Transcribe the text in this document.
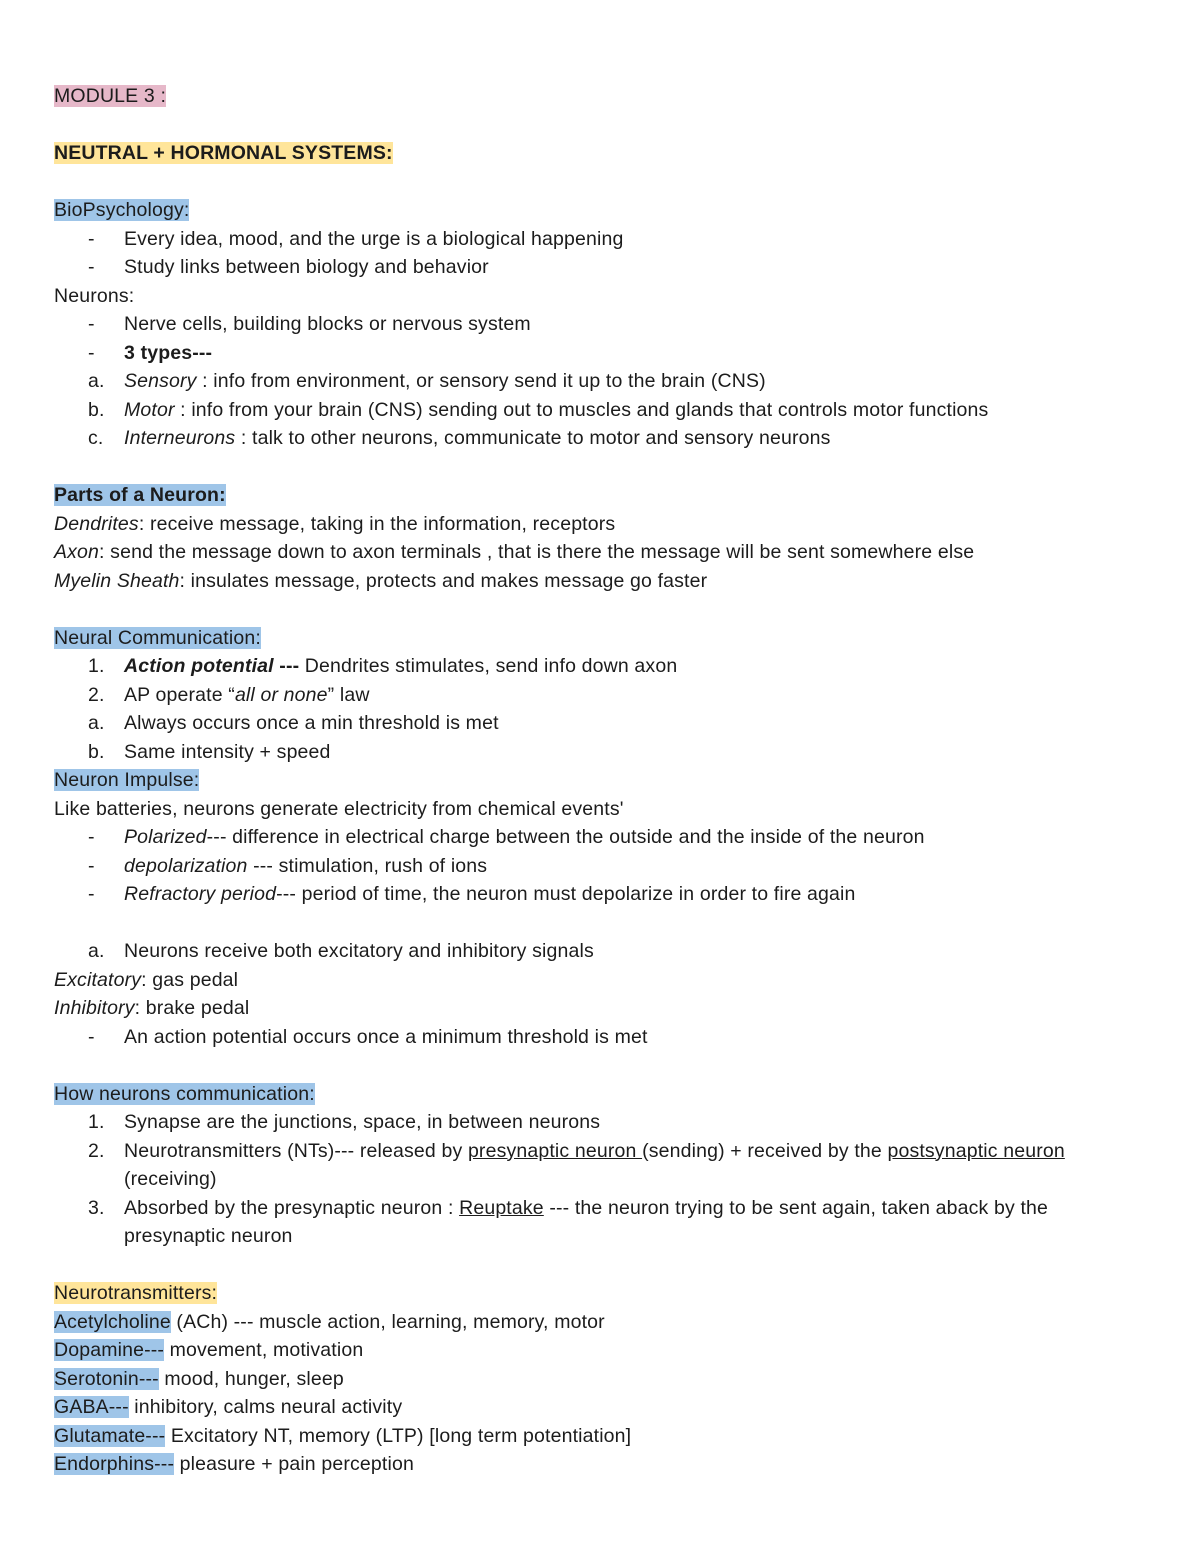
MODULE 3 :
NEUTRAL + HORMONAL SYSTEMS:
BioPsychology:
- Every idea, mood, and the urge is a biological happening
- Study links between biology and behavior
Neurons:
- Nerve cells, building blocks or nervous system
- 3 types---
a. Sensory : info from environment, or sensory send it up to the brain (CNS)
b. Motor : info from your brain (CNS) sending out to muscles and glands that controls motor functions
c. Interneurons : talk to other neurons, communicate to motor and sensory neurons
Parts of a Neuron:
Dendrites: receive message, taking in the information, receptors
Axon: send the message down to axon terminals , that is there the message will be sent somewhere else
Myelin Sheath: insulates message, protects and makes message go faster
Neural Communication:
1. Action potential --- Dendrites stimulates, send info down axon
2. AP operate “all or none” law
a. Always occurs once a min threshold is met
b. Same intensity + speed
Neuron Impulse:
Like batteries, neurons generate electricity from chemical events'
- Polarized--- difference in electrical charge between the outside and the inside of the neuron
- depolarization --- stimulation, rush of ions
- Refractory period--- period of time, the neuron must depolarize in order to fire again
a. Neurons receive both excitatory and inhibitory signals
Excitatory: gas pedal
Inhibitory: brake pedal
- An action potential occurs once a minimum threshold is met
How neurons communication:
1. Synapse are the junctions, space, in between neurons
2. Neurotransmitters (NTs)--- released by presynaptic neuron (sending) + received by the postsynaptic neuron (receiving)
3. Absorbed by the presynaptic neuron : Reuptake --- the neuron trying to be sent again, taken aback by the presynaptic neuron
Neurotransmitters:
Acetylcholine (ACh) --- muscle action, learning, memory, motor
Dopamine--- movement, motivation
Serotonin--- mood, hunger, sleep
GABA--- inhibitory, calms neural activity
Glutamate--- Excitatory NT, memory (LTP) [long term potentiation]
Endorphins--- pleasure + pain perception
